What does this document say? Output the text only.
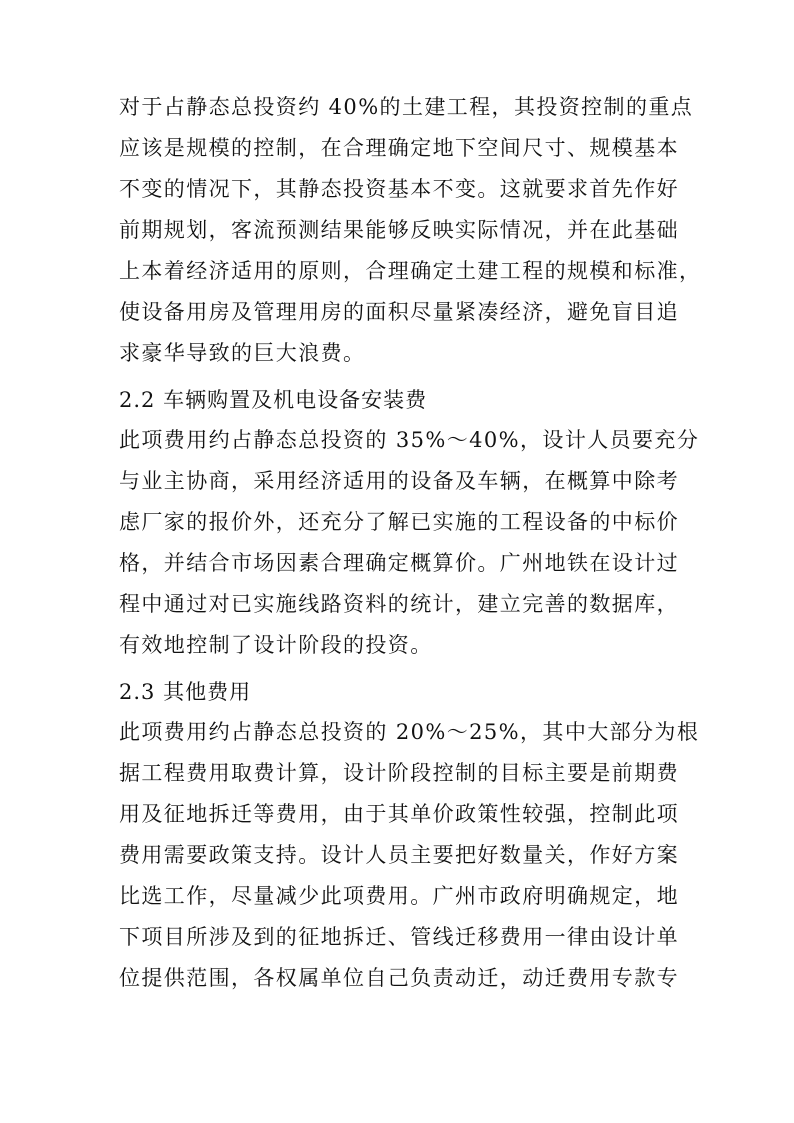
对于占静态总投资约 40%的土建工程，其投资控制的重点
应该是规模的控制，在合理确定地下空间尺寸、规模基本
不变的情况下，其静态投资基本不变。这就要求首先作好
前期规划，客流预测结果能够反映实际情况，并在此基础
上本着经济适用的原则，合理确定土建工程的规模和标准，
使设备用房及管理用房的面积尽量紧凑经济，避免盲目追
求豪华导致的巨大浪费。
2.2 车辆购置及机电设备安装费
此项费用约占静态总投资的 35%～40%，设计人员要充分
与业主协商，采用经济适用的设备及车辆，在概算中除考
虑厂家的报价外，还充分了解已实施的工程设备的中标价
格，并结合市场因素合理确定概算价。广州地铁在设计过
程中通过对已实施线路资料的统计，建立完善的数据库，
有效地控制了设计阶段的投资。
2.3 其他费用
此项费用约占静态总投资的 20%～25%，其中大部分为根
据工程费用取费计算，设计阶段控制的目标主要是前期费
用及征地拆迁等费用，由于其单价政策性较强，控制此项
费用需要政策支持。设计人员主要把好数量关，作好方案
比选工作，尽量减少此项费用。广州市政府明确规定，地
下项目所涉及到的征地拆迁、管线迁移费用一律由设计单
位提供范围，各权属单位自己负责动迁，动迁费用专款专
